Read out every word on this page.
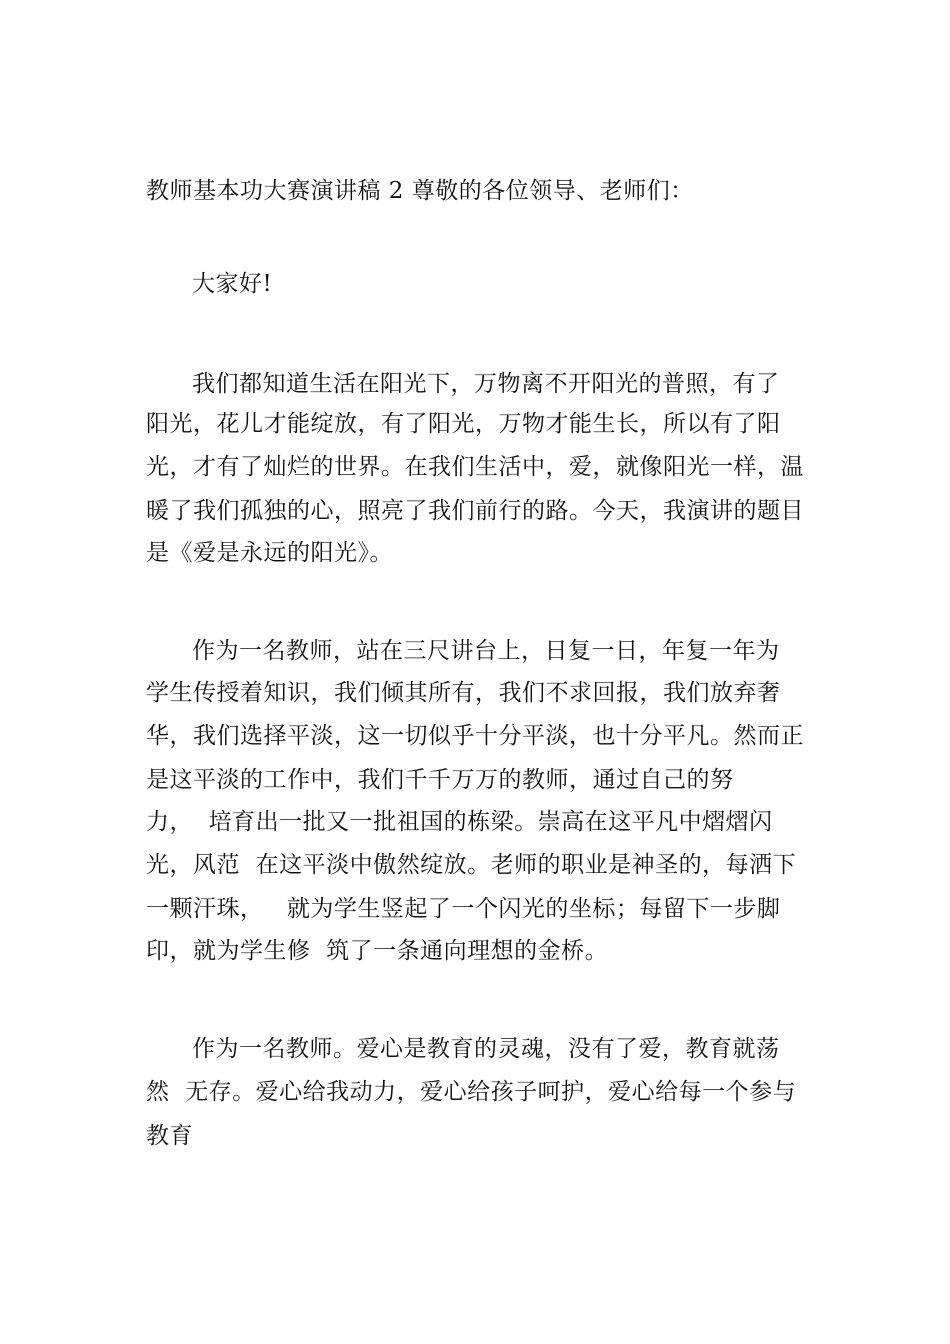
教师基本功大赛演讲稿 2 尊敬的各位领导、老师们：
大家好!
我们都知道生活在阳光下，万物离不开阳光的普照，有了
阳光，花儿才能绽放，有了阳光，万物才能生长，所以有了阳
光，才有了灿烂的世界。在我们生活中，爱，就像阳光一样，温
暖了我们孤独的心，照亮了我们前行的路。今天，我演讲的题目
是《爱是永远的阳光》。
作为一名教师，站在三尺讲台上，日复一日，年复一年为
学生传授着知识，我们倾其所有，我们不求回报，我们放弃奢
华，我们选择平淡，这一切似乎十分平淡，也十分平凡。然而正
是这平淡的工作中，我们千千万万的教师，通过自己的努
力，  培育出一批又一批祖国的栋梁。崇高在这平凡中熠熠闪
光，风范  在这平淡中傲然绽放。老师的职业是神圣的，每洒下
一颗汗珠，   就为学生竖起了一个闪光的坐标；每留下一步脚
印，就为学生修  筑了一条通向理想的金桥。
作为一名教师。爱心是教育的灵魂，没有了爱，教育就荡
然  无存。爱心给我动力，爱心给孩子呵护，爱心给每一个参与
教育
